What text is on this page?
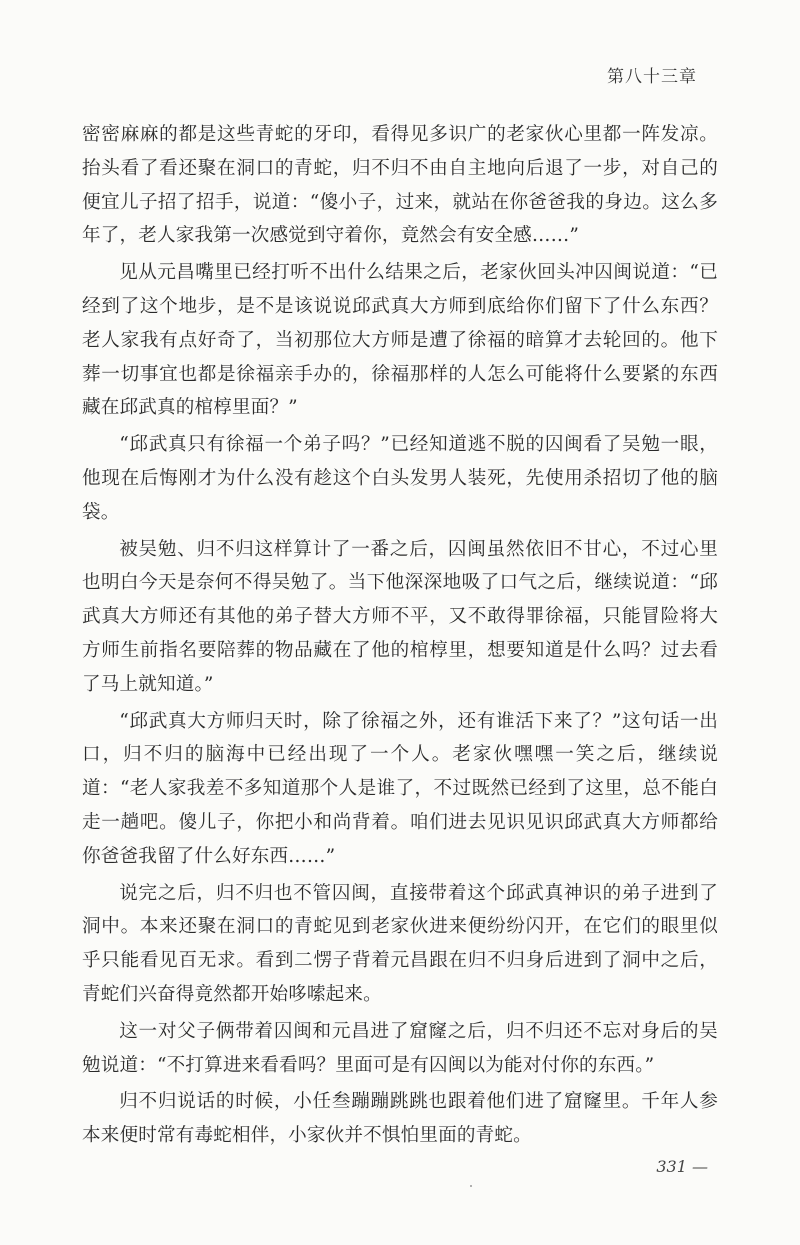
第八十三章

密密麻麻的都是这些青蛇的牙印，看得见多识广的老家伙心里都一阵发凉。抬头看了看还聚在洞口的青蛇，归不归不由自主地向后退了一步，对自己的便宜儿子招了招手，说道：“傻小子，过来，就站在你爸爸我的身边。这么多年了，老人家我第一次感觉到守着你，竟然会有安全感……”

见从元昌嘴里已经打听不出什么结果之后，老家伙回头冲囚闽说道：“已经到了这个地步，是不是该说说邱武真大方师到底给你们留下了什么东西？老人家我有点好奇了，当初那位大方师是遭了徐福的暗算才去轮回的。他下葬一切事宜也都是徐福亲手办的，徐福那样的人怎么可能将什么要紧的东西藏在邱武真的棺椁里面？”

“邱武真只有徐福一个弟子吗？”已经知道逃不脱的囚闽看了吴勉一眼，他现在后悔刚才为什么没有趁这个白头发男人装死，先使用杀招切了他的脑袋。

被吴勉、归不归这样算计了一番之后，囚闽虽然依旧不甘心，不过心里也明白今天是奈何不得吴勉了。当下他深深地吸了口气之后，继续说道：“邱武真大方师还有其他的弟子替大方师不平，又不敢得罪徐福，只能冒险将大方师生前指名要陪葬的物品藏在了他的棺椁里，想要知道是什么吗？过去看了马上就知道。”

“邱武真大方师归天时，除了徐福之外，还有谁活下来了？”这句话一出口，归不归的脑海中已经出现了一个人。老家伙嘿嘿一笑之后，继续说道：“老人家我差不多知道那个人是谁了，不过既然已经到了这里，总不能白走一趟吧。傻儿子，你把小和尚背着。咱们进去见识见识邱武真大方师都给你爸爸我留了什么好东西……”

说完之后，归不归也不管囚闽，直接带着这个邱武真神识的弟子进到了洞中。本来还聚在洞口的青蛇见到老家伙进来便纷纷闪开，在它们的眼里似乎只能看见百无求。看到二愣子背着元昌跟在归不归身后进到了洞中之后，青蛇们兴奋得竟然都开始哆嗦起来。

这一对父子俩带着囚闽和元昌进了窟窿之后，归不归还不忘对身后的吴勉说道：“不打算进来看看吗？里面可是有囚闽以为能对付你的东西。”

归不归说话的时候，小任叁蹦蹦跳跳也跟着他们进了窟窿里。千年人参本来便时常有毒蛇相伴，小家伙并不惧怕里面的青蛇。

331 —
